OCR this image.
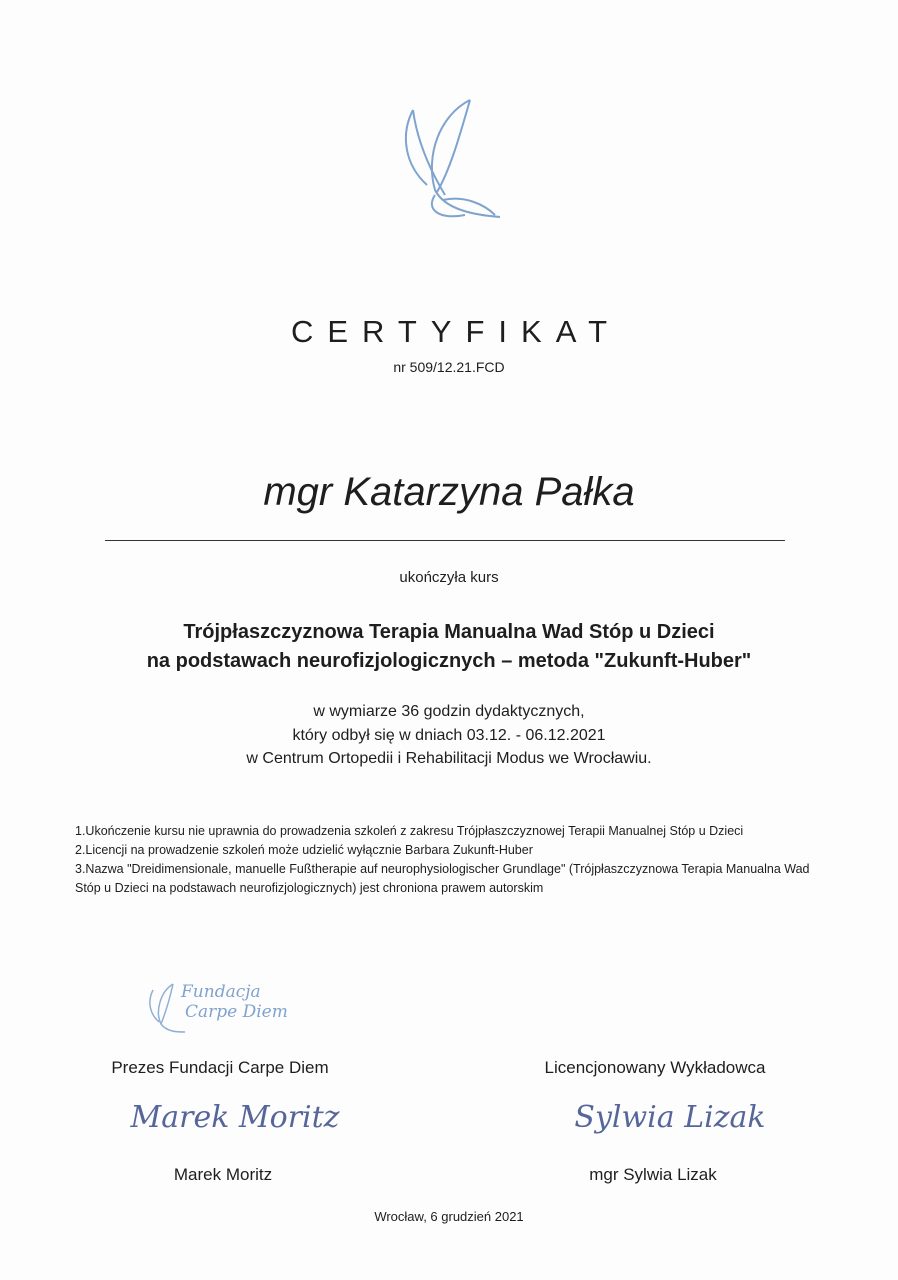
CERTYFIKAT
nr 509/12.21.FCD
mgr Katarzyna Pałka
ukończyła kurs
Trójpłaszczyznowa Terapia Manualna Wad Stóp u Dzieci
na podstawach neurofizjologicznych – metoda "Zukunft-Huber"
w wymiarze 36 godzin dydaktycznych,
który odbył się w dniach 03.12. - 06.12.2021
w Centrum Ortopedii i Rehabilitacji Modus we Wrocławiu.
1.Ukończenie kursu nie uprawnia do prowadzenia szkoleń z zakresu Trójpłaszczyznowej Terapii Manualnej Stóp u Dzieci
2.Licencji na prowadzenie szkoleń może udzielić wyłącznie Barbara Zukunft-Huber
3.Nazwa "Dreidimensionale, manuelle Fußtherapie auf neurophysiologischer Grundlage" (Trójpłaszczyznowa Terapia Manualna Wad Stóp u Dzieci na podstawach neurofizjologicznych) jest chroniona prawem autorskim
Fundacja
Carpe Diem
Prezes Fundacji Carpe Diem	Licencjonowany Wykładowca
Marek Moritz	Sylwia Lizak
Marek Moritz	mgr Sylwia Lizak
Wrocław, 6 grudzień 2021
